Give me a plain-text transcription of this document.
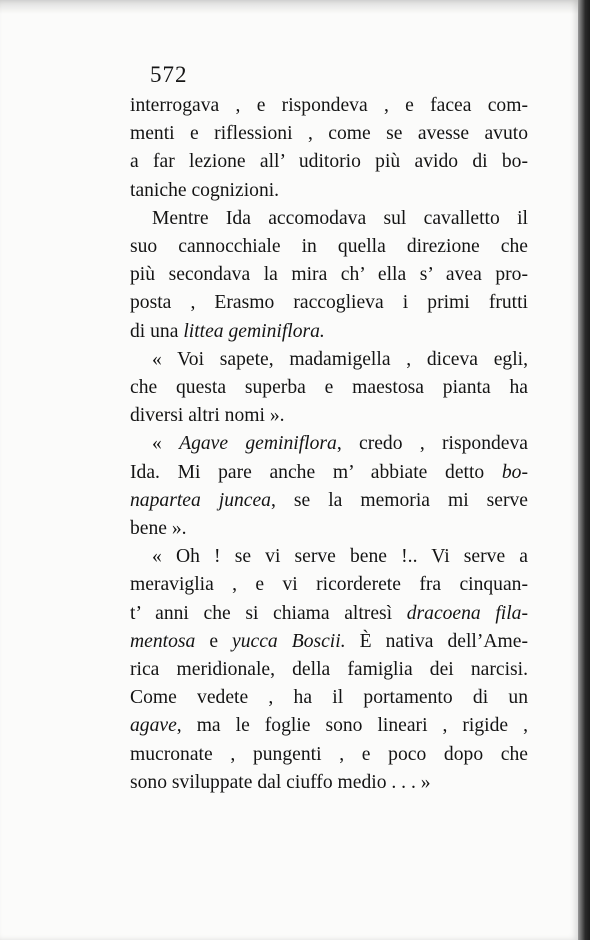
572

interrogava , e rispondeva , e facea com-
menti e riflessioni , come se avesse avuto
a far lezione all’ uditorio più avido di bo-
taniche cognizioni.
Mentre Ida accomodava sul cavalletto il
suo cannocchiale in quella direzione che
più secondava la mira ch’ ella s’ avea pro-
posta , Erasmo raccoglieva i primi frutti
di una littea geminiflora.
« Voi sapete, madamigella , diceva egli,
che questa superba e maestosa pianta ha
diversi altri nomi ».
« Agave geminiflora, credo , rispondeva
Ida. Mi pare anche m’ abbiate detto bo-
napartea juncea, se la memoria mi serve
bene ».
« Oh ! se vi serve bene !.. Vi serve a
meraviglia , e vi ricorderete fra cinquan-
t’ anni che si chiama altresì dracoena fila-
mentosa e yucca Boscii. È nativa dell’Ame-
rica meridionale, della famiglia dei narcisi.
Come vedete , ha il portamento di un
agave, ma le foglie sono lineari , rigide ,
mucronate , pungenti , e poco dopo che
sono sviluppate dal ciuffo medio . . . »
